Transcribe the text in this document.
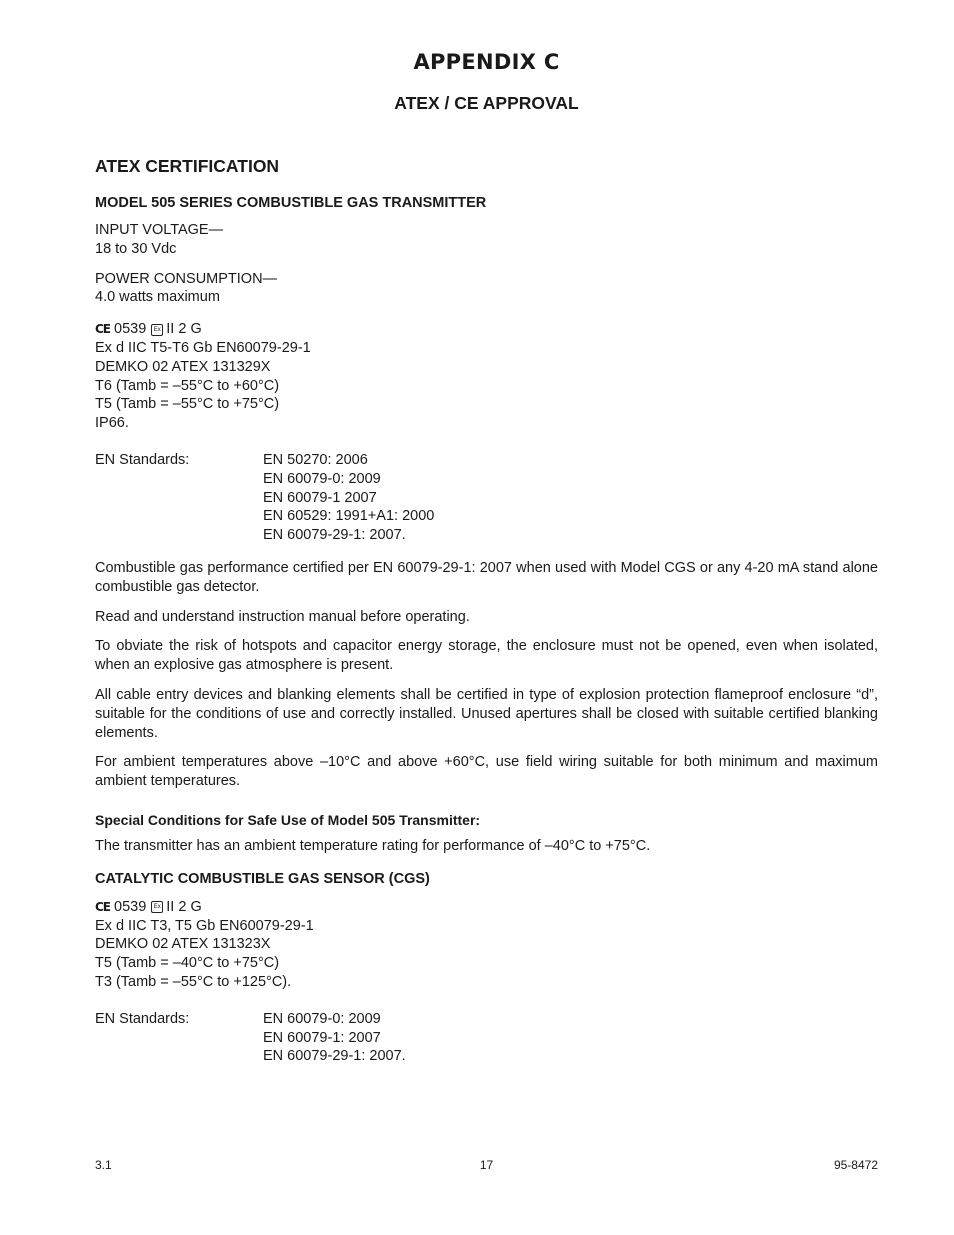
APPENDIX C
ATEX / CE APPROVAL
ATEX CERTIFICATION
MODEL 505 SERIES COMBUSTIBLE GAS TRANSMITTER
INPUT VOLTAGE—
18 to 30 Vdc
POWER CONSUMPTION—
4.0 watts maximum
CE 0539	Ex II 2 G
Ex d IIC T5-T6 Gb EN60079-29-1
DEMKO 02 ATEX 131329X
T6 (Tamb = –55°C to +60°C)
T5 (Tamb = –55°C to +75°C)
IP66.
EN Standards:	EN 50270: 2006
EN 60079-0: 2009
EN 60079-1 2007
EN 60529: 1991+A1: 2000
EN 60079-29-1: 2007.

Combustible gas performance certified per EN 60079-29-1: 2007 when used with Model CGS or any 4-20 mA stand alone combustible gas detector.

Read and understand instruction manual before operating.

To obviate the risk of hotspots and capacitor energy storage, the enclosure must not be opened, even when isolated, when an explosive gas atmosphere is present.

All cable entry devices and blanking elements shall be certified in type of explosion protection flameproof enclosure “d”, suitable for the conditions of use and correctly installed. Unused apertures shall be closed with suitable certified blanking elements.

For ambient temperatures above –10°C and above +60°C, use field wiring suitable for both minimum and maximum ambient temperatures.

Special Conditions for Safe Use of Model 505 Transmitter:

The transmitter has an ambient temperature rating for performance of –40°C to +75°C.

CATALYTIC COMBUSTIBLE GAS SENSOR (CGS)
CE 0539	Ex II 2 G
Ex d IIC T3, T5 Gb EN60079-29-1
DEMKO 02 ATEX 131323X
T5 (Tamb = –40°C to +75°C)
T3 (Tamb = –55°C to +125°C).
EN Standards:	EN 60079-0: 2009
EN 60079-1: 2007
EN 60079-29-1: 2007.
3.1	17	95-8472
